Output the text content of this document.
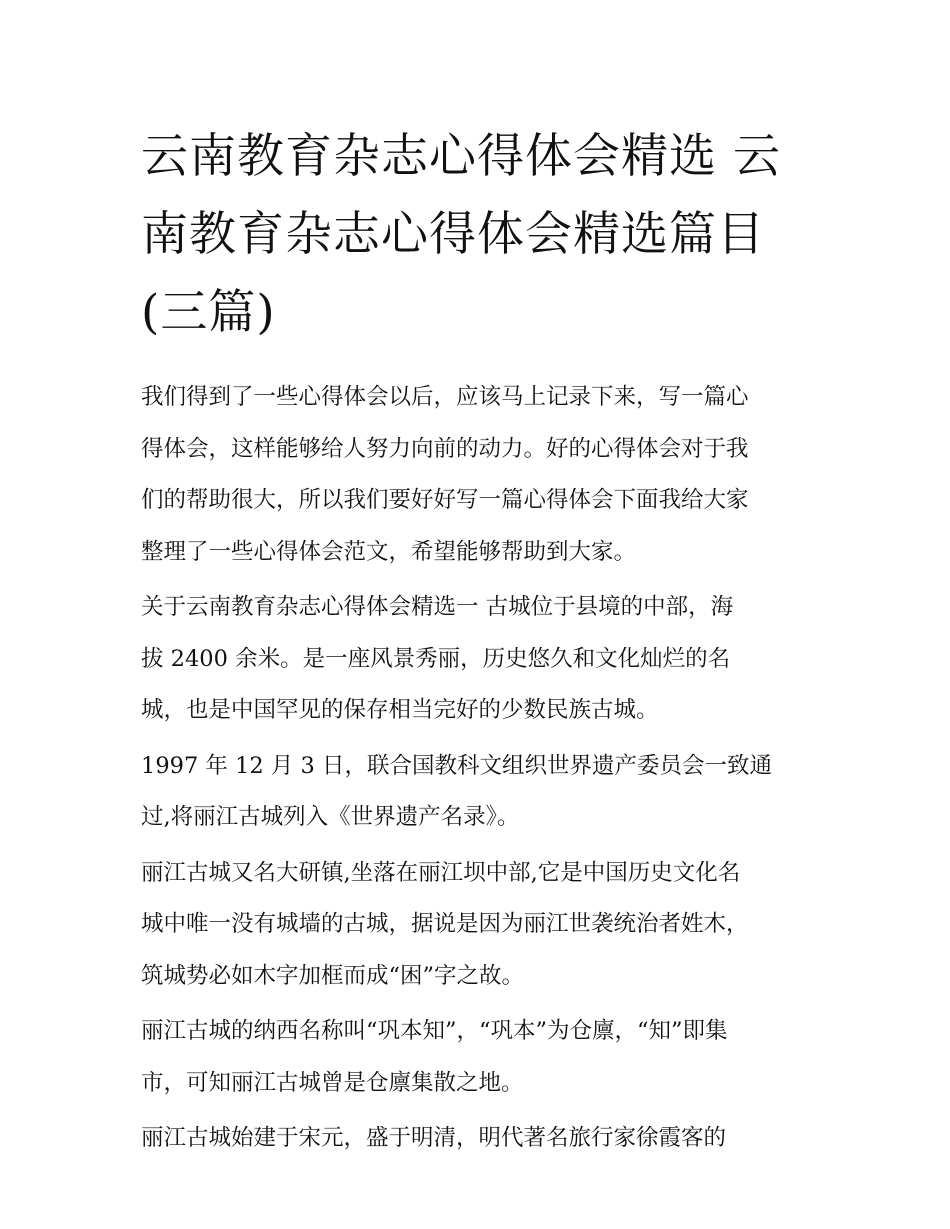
云南教育杂志心得体会精选 云
南教育杂志心得体会精选篇目
(三篇)

我们得到了一些心得体会以后，应该马上记录下来，写一篇心
得体会，这样能够给人努力向前的动力。好的心得体会对于我
们的帮助很大，所以我们要好好写一篇心得体会下面我给大家
整理了一些心得体会范文，希望能够帮助到大家。

关于云南教育杂志心得体会精选一 古城位于县境的中部，海
拔 2400 余米。是一座风景秀丽，历史悠久和文化灿烂的名
城，也是中国罕见的保存相当完好的少数民族古城。

1997 年 12 月 3 日，联合国教科文组织世界遗产委员会一致通
过,将丽江古城列入《世界遗产名录》。

丽江古城又名大研镇,坐落在丽江坝中部,它是中国历史文化名
城中唯一没有城墙的古城，据说是因为丽江世袭统治者姓木，
筑城势必如木字加框而成“困”字之故。

丽江古城的纳西名称叫“巩本知”，“巩本”为仓廪，“知”即集
市，可知丽江古城曾是仓廪集散之地。

丽江古城始建于宋元，盛于明清，明代著名旅行家徐霞客的
